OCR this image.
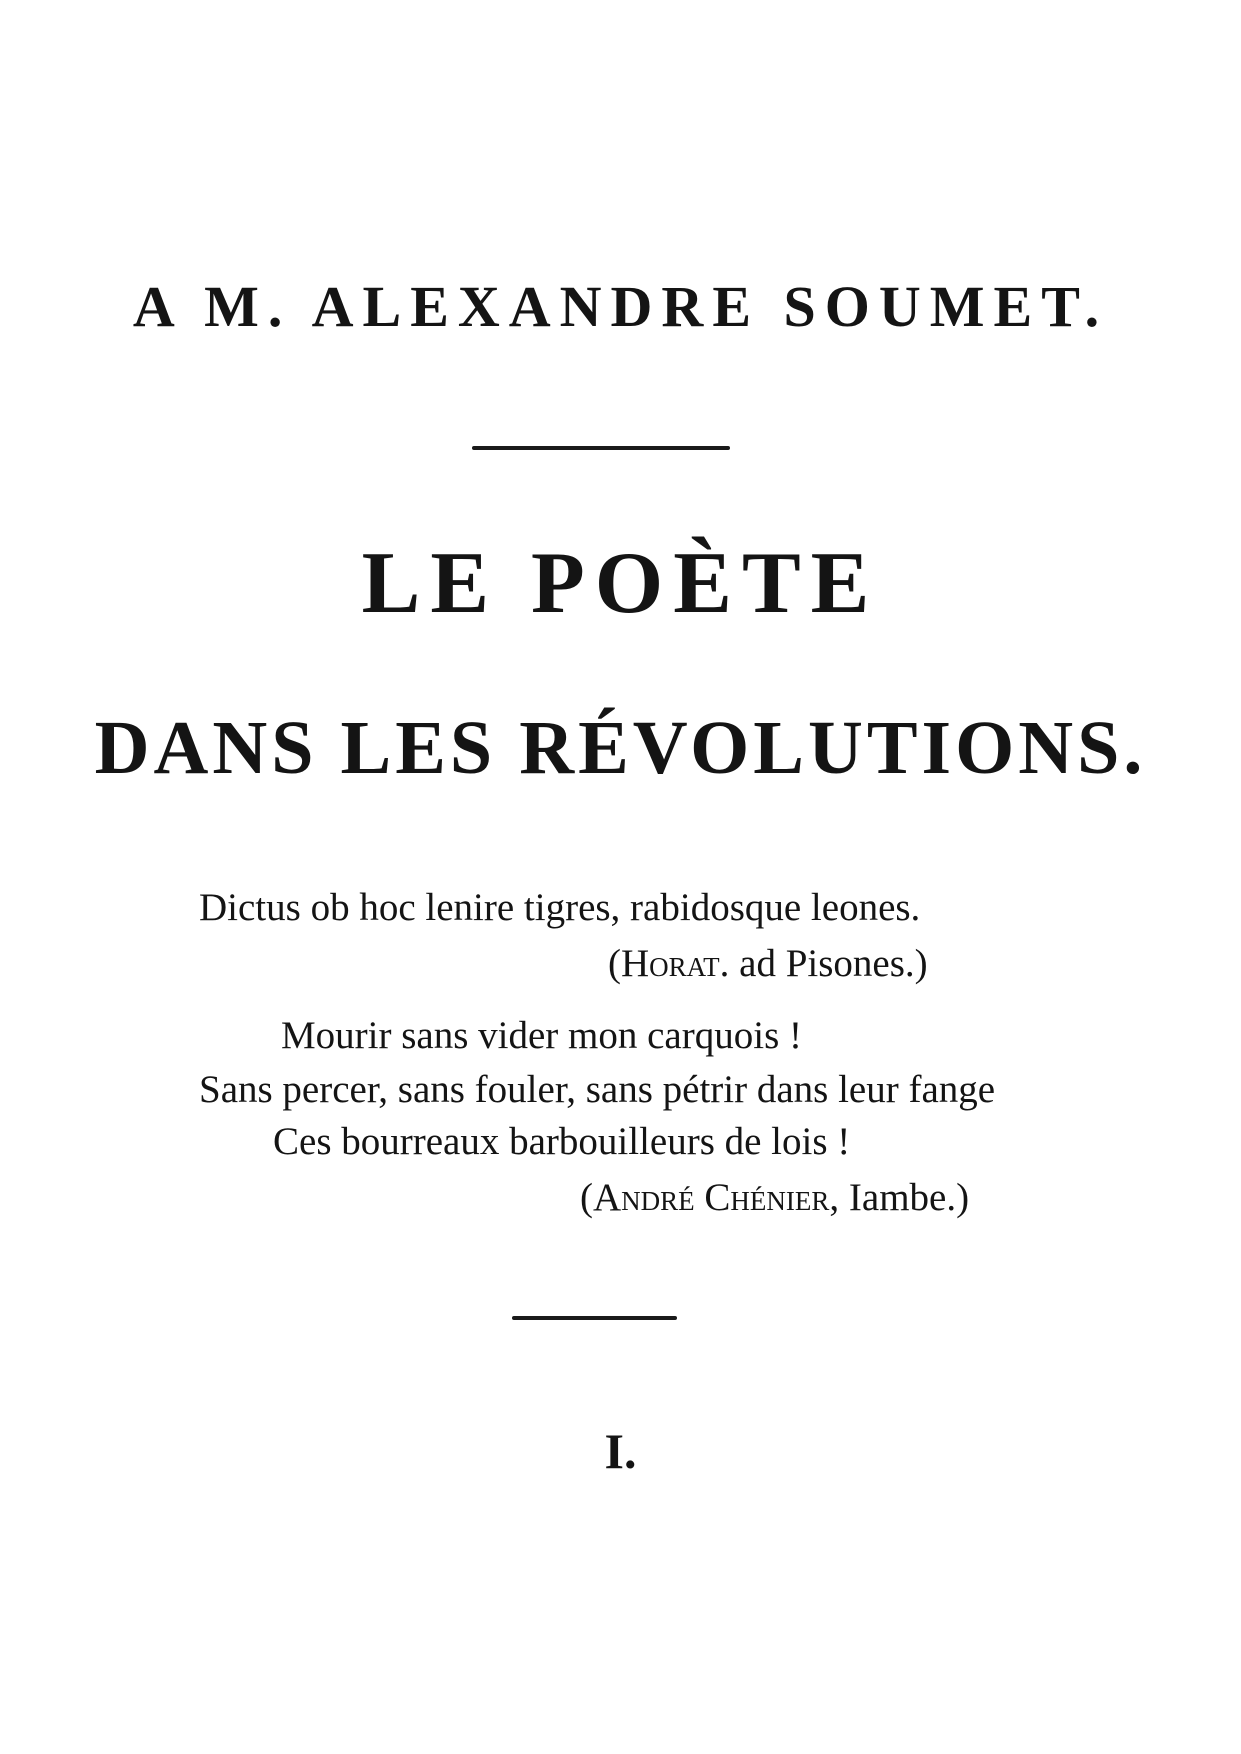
A M. ALEXANDRE SOUMET.
LE POÈTE
DANS LES RÉVOLUTIONS.
Dictus ob hoc lenire tigres, rabidosque leones.
(Horat. ad Pisones.)
Mourir sans vider mon carquois !
Sans percer, sans fouler, sans pétrir dans leur fange
Ces bourreaux barbouilleurs de lois !
(André Chénier, Iambe.)
I.
